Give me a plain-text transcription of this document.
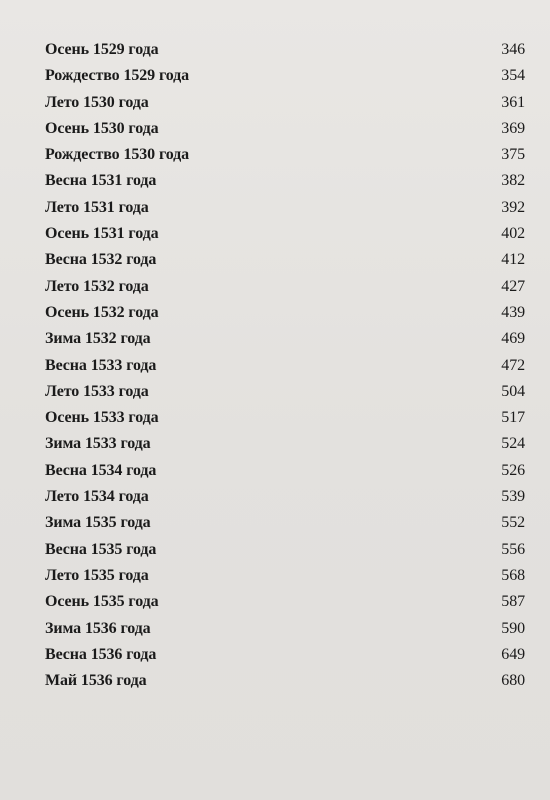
Осень 1529 года	346
Рождество 1529 года	354
Лето 1530 года	361
Осень 1530 года	369
Рождество 1530 года	375
Весна 1531 года	382
Лето 1531 года	392
Осень 1531 года	402
Весна 1532 года	412
Лето 1532 года	427
Осень 1532 года	439
Зима 1532 года	469
Весна 1533 года	472
Лето 1533 года	504
Осень 1533 года	517
Зима 1533 года	524
Весна 1534 года	526
Лето 1534 года	539
Зима 1535 года	552
Весна 1535 года	556
Лето 1535 года	568
Осень 1535 года	587
Зима 1536 года	590
Весна 1536 года	649
Май 1536 года	680
